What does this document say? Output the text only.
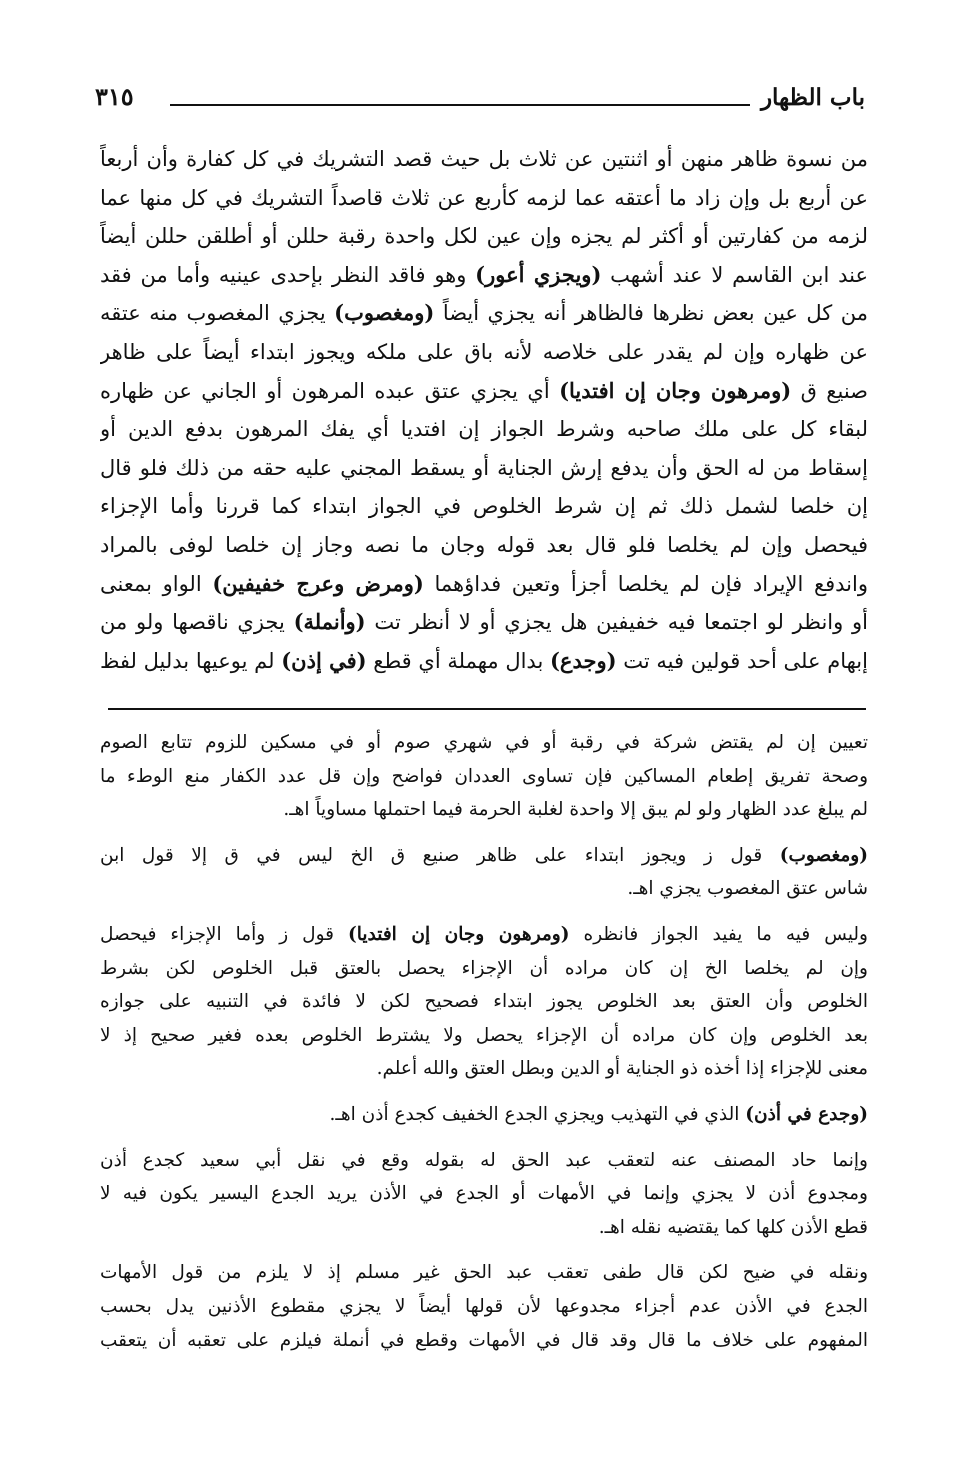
باب الظهار
٣١٥
من نسوة ظاهر منهن أو اثنتين عن ثلاث بل حيث قصد التشريك في كل كفارة وأن أربعاً
عن أربع بل وإن زاد ما أعتقه عما لزمه كأربع عن ثلاث قاصداً التشريك في كل منها عما
لزمه من كفارتين أو أكثر لم يجزه وإن عين لكل واحدة رقبة حللن أو أطلقن حللن أيضاً
عند ابن القاسم لا عند أشهب (ويجزي أعور) وهو فاقد النظر بإحدى عينيه وأما من فقد
من كل عين بعض نظرها فالظاهر أنه يجزي أيضاً (ومغصوب) يجزي المغصوب منه عتقه
عن ظهاره وإن لم يقدر على خلاصه لأنه باق على ملكه ويجوز ابتداء أيضاً على ظاهر
صنيع ق (ومرهون وجان إن افتديا) أي يجزي عتق عبده المرهون أو الجاني عن ظهاره
لبقاء كل على ملك صاحبه وشرط الجواز إن افتديا أي يفك المرهون بدفع الدين أو
إسقاط من له الحق وأن يدفع إرش الجناية أو يسقط المجني عليه حقه من ذلك فلو قال
إن خلصا لشمل ذلك ثم إن شرط الخلوص في الجواز ابتداء كما قررنا وأما الإجزاء
فيحصل وإن لم يخلصا فلو قال بعد قوله وجان ما نصه وجاز إن خلصا لوفى بالمراد
واندفع الإيراد فإن لم يخلصا أجزأ وتعين فداؤهما (ومرض وعرج خفيفين) الواو بمعنى
أو وانظر لو اجتمعا فيه خفيفين هل يجزي أو لا أنظر تت (وأنملة) يجزي ناقصها ولو من
إبهام على أحد قولين فيه تت (وجدع) بدال مهملة أي قطع (في إذن) لم يوعيها بدليل لفظ
تعيين إن لم يقتض شركة في رقبة أو في شهري صوم أو في مسكين للزوم تتابع الصوم
وصحة تفريق إطعام المساكين فإن تساوى العددان فواضح وإن قل عدد الكفار منع الوطء ما
لم يبلغ عدد الظهار ولو لم يبق إلا واحدة لغلبة الحرمة فيما احتملها مساوياً اهـ.
(ومغصوب) قول ز ويجوز ابتداء على ظاهر صنيع ق الخ ليس في ق إلا قول ابن
شاس عتق المغصوب يجزي اهـ.
وليس فيه ما يفيد الجواز فانظره (ومرهون وجان إن افتديا) قول ز وأما الإجزاء فيحصل
وإن لم يخلصا الخ إن كان مراده أن الإجزاء يحصل بالعتق قبل الخلوص لكن بشرط
الخلوص وأن العتق بعد الخلوص يجوز ابتداء فصحيح لكن لا فائدة في التنبيه على جوازه
بعد الخلوص وإن كان مراده أن الإجزاء يحصل ولا يشترط الخلوص بعده فغير صحيح إذ لا
معنى للإجزاء إذا أخذه ذو الجناية أو الدين وبطل العتق والله أعلم.
(وجدع في أذن) الذي في التهذيب ويجزي الجدع الخفيف كجدع أذن اهـ.
وإنما حاد المصنف عنه لتعقب عبد الحق له بقوله وقع في نقل أبي سعيد كجدع أذن
ومجدوع أذن لا يجزي وإنما في الأمهات أو الجدع في الأذن يريد الجدع اليسير يكون فيه لا
قطع الأذن كلها كما يقتضيه نقله اهـ.
ونقله في ضيح لكن قال طفى تعقب عبد الحق غير مسلم إذ لا يلزم من قول الأمهات
الجدع في الأذن عدم أجزاء مجدوعها لأن قولها أيضاً لا يجزي مقطوع الأذنين يدل بحسب
المفهوم على خلاف ما قال وقد قال في الأمهات وقطع في أنملة فيلزم على تعقبه أن يتعقب
